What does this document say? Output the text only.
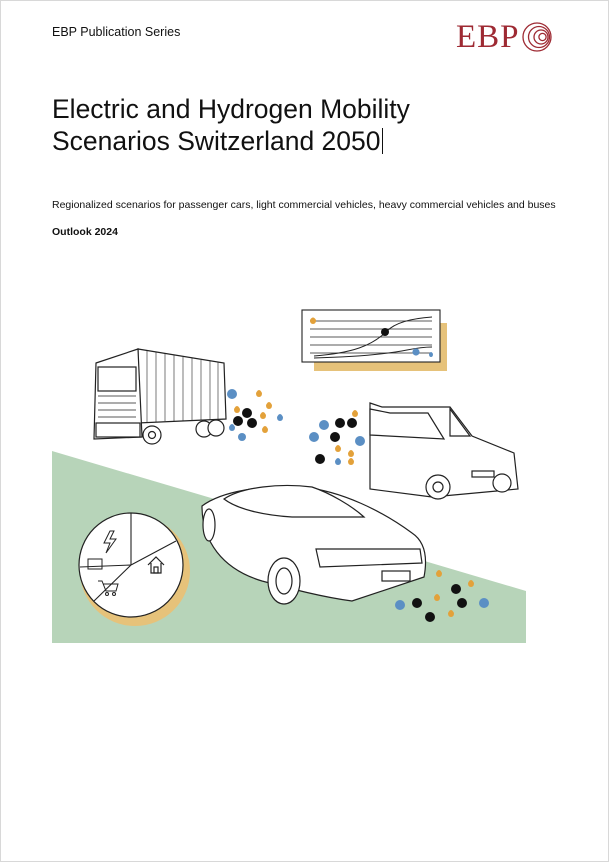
EBP Publication Series	EBP
Electric and Hydrogen Mobility
Scenarios Switzerland 2050
Regionalized scenarios for passenger cars, light commercial vehicles, heavy commercial vehicles and buses
Outlook 2024
